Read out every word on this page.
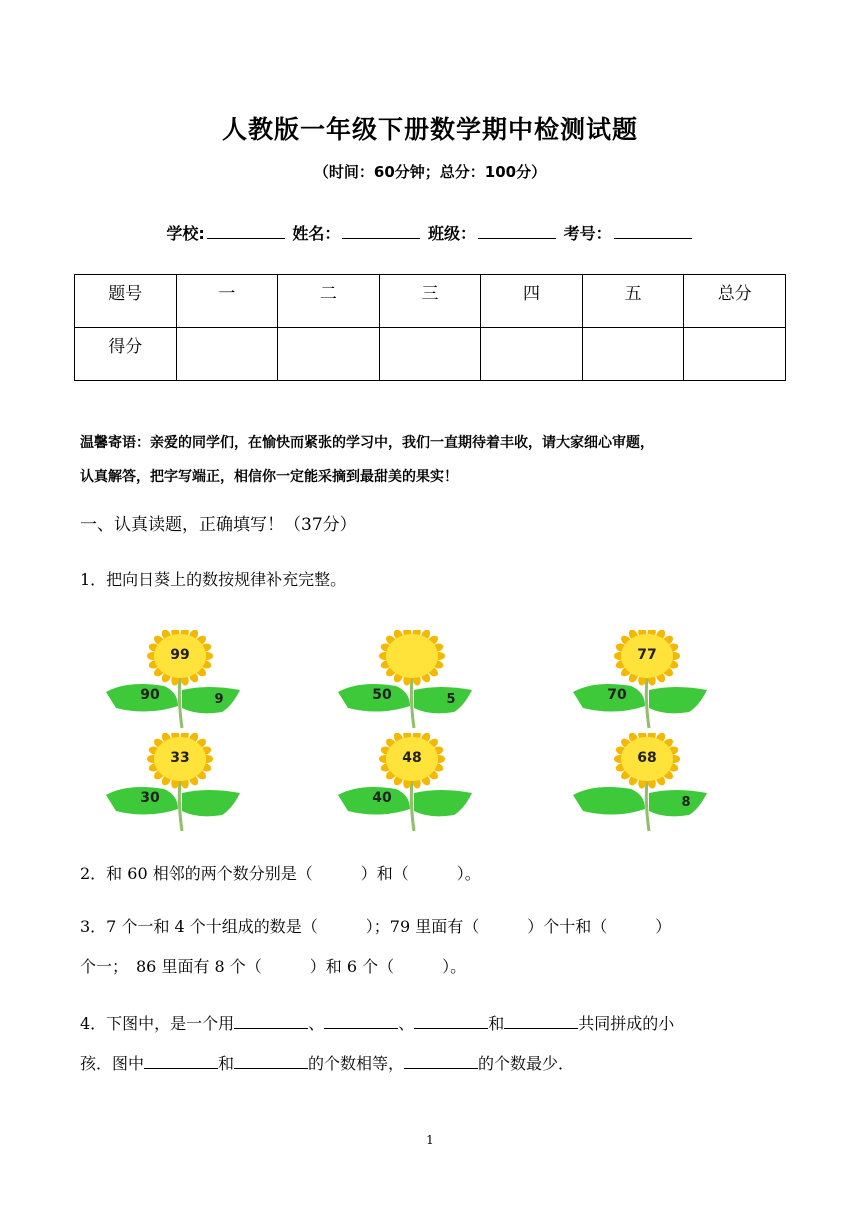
人教版一年级下册数学期中检测试题
（时间：60分钟；总分：100分）
学校:	姓名：	班级：	考号：
题号	一	二	三	四	五	总分
得分						
温馨寄语：亲爱的同学们，在愉快而紧张的学习中，我们一直期待着丰收，请大家细心审题，
认真解答，把字写端正，相信你一定能采摘到最甜美的果实！
一、认真读题，正确填写！（37分）
1．把向日葵上的数按规律补充完整。
99
90	9	50	5
77
70
33
30
48
40
68
8
2．和 60 相邻的两个数分别是（　　　）和（　　　）。
3．7 个一和 4 个十组成的数是（　　　）；79 里面有（　　　）个十和（　　　）
个一；　86 里面有 8 个（　　　）和 6 个（　　　）。
4．下图中，是一个用	、	、	和	共同拼成的小
孩．图中	和	的个数相等，	的个数最少．
1
